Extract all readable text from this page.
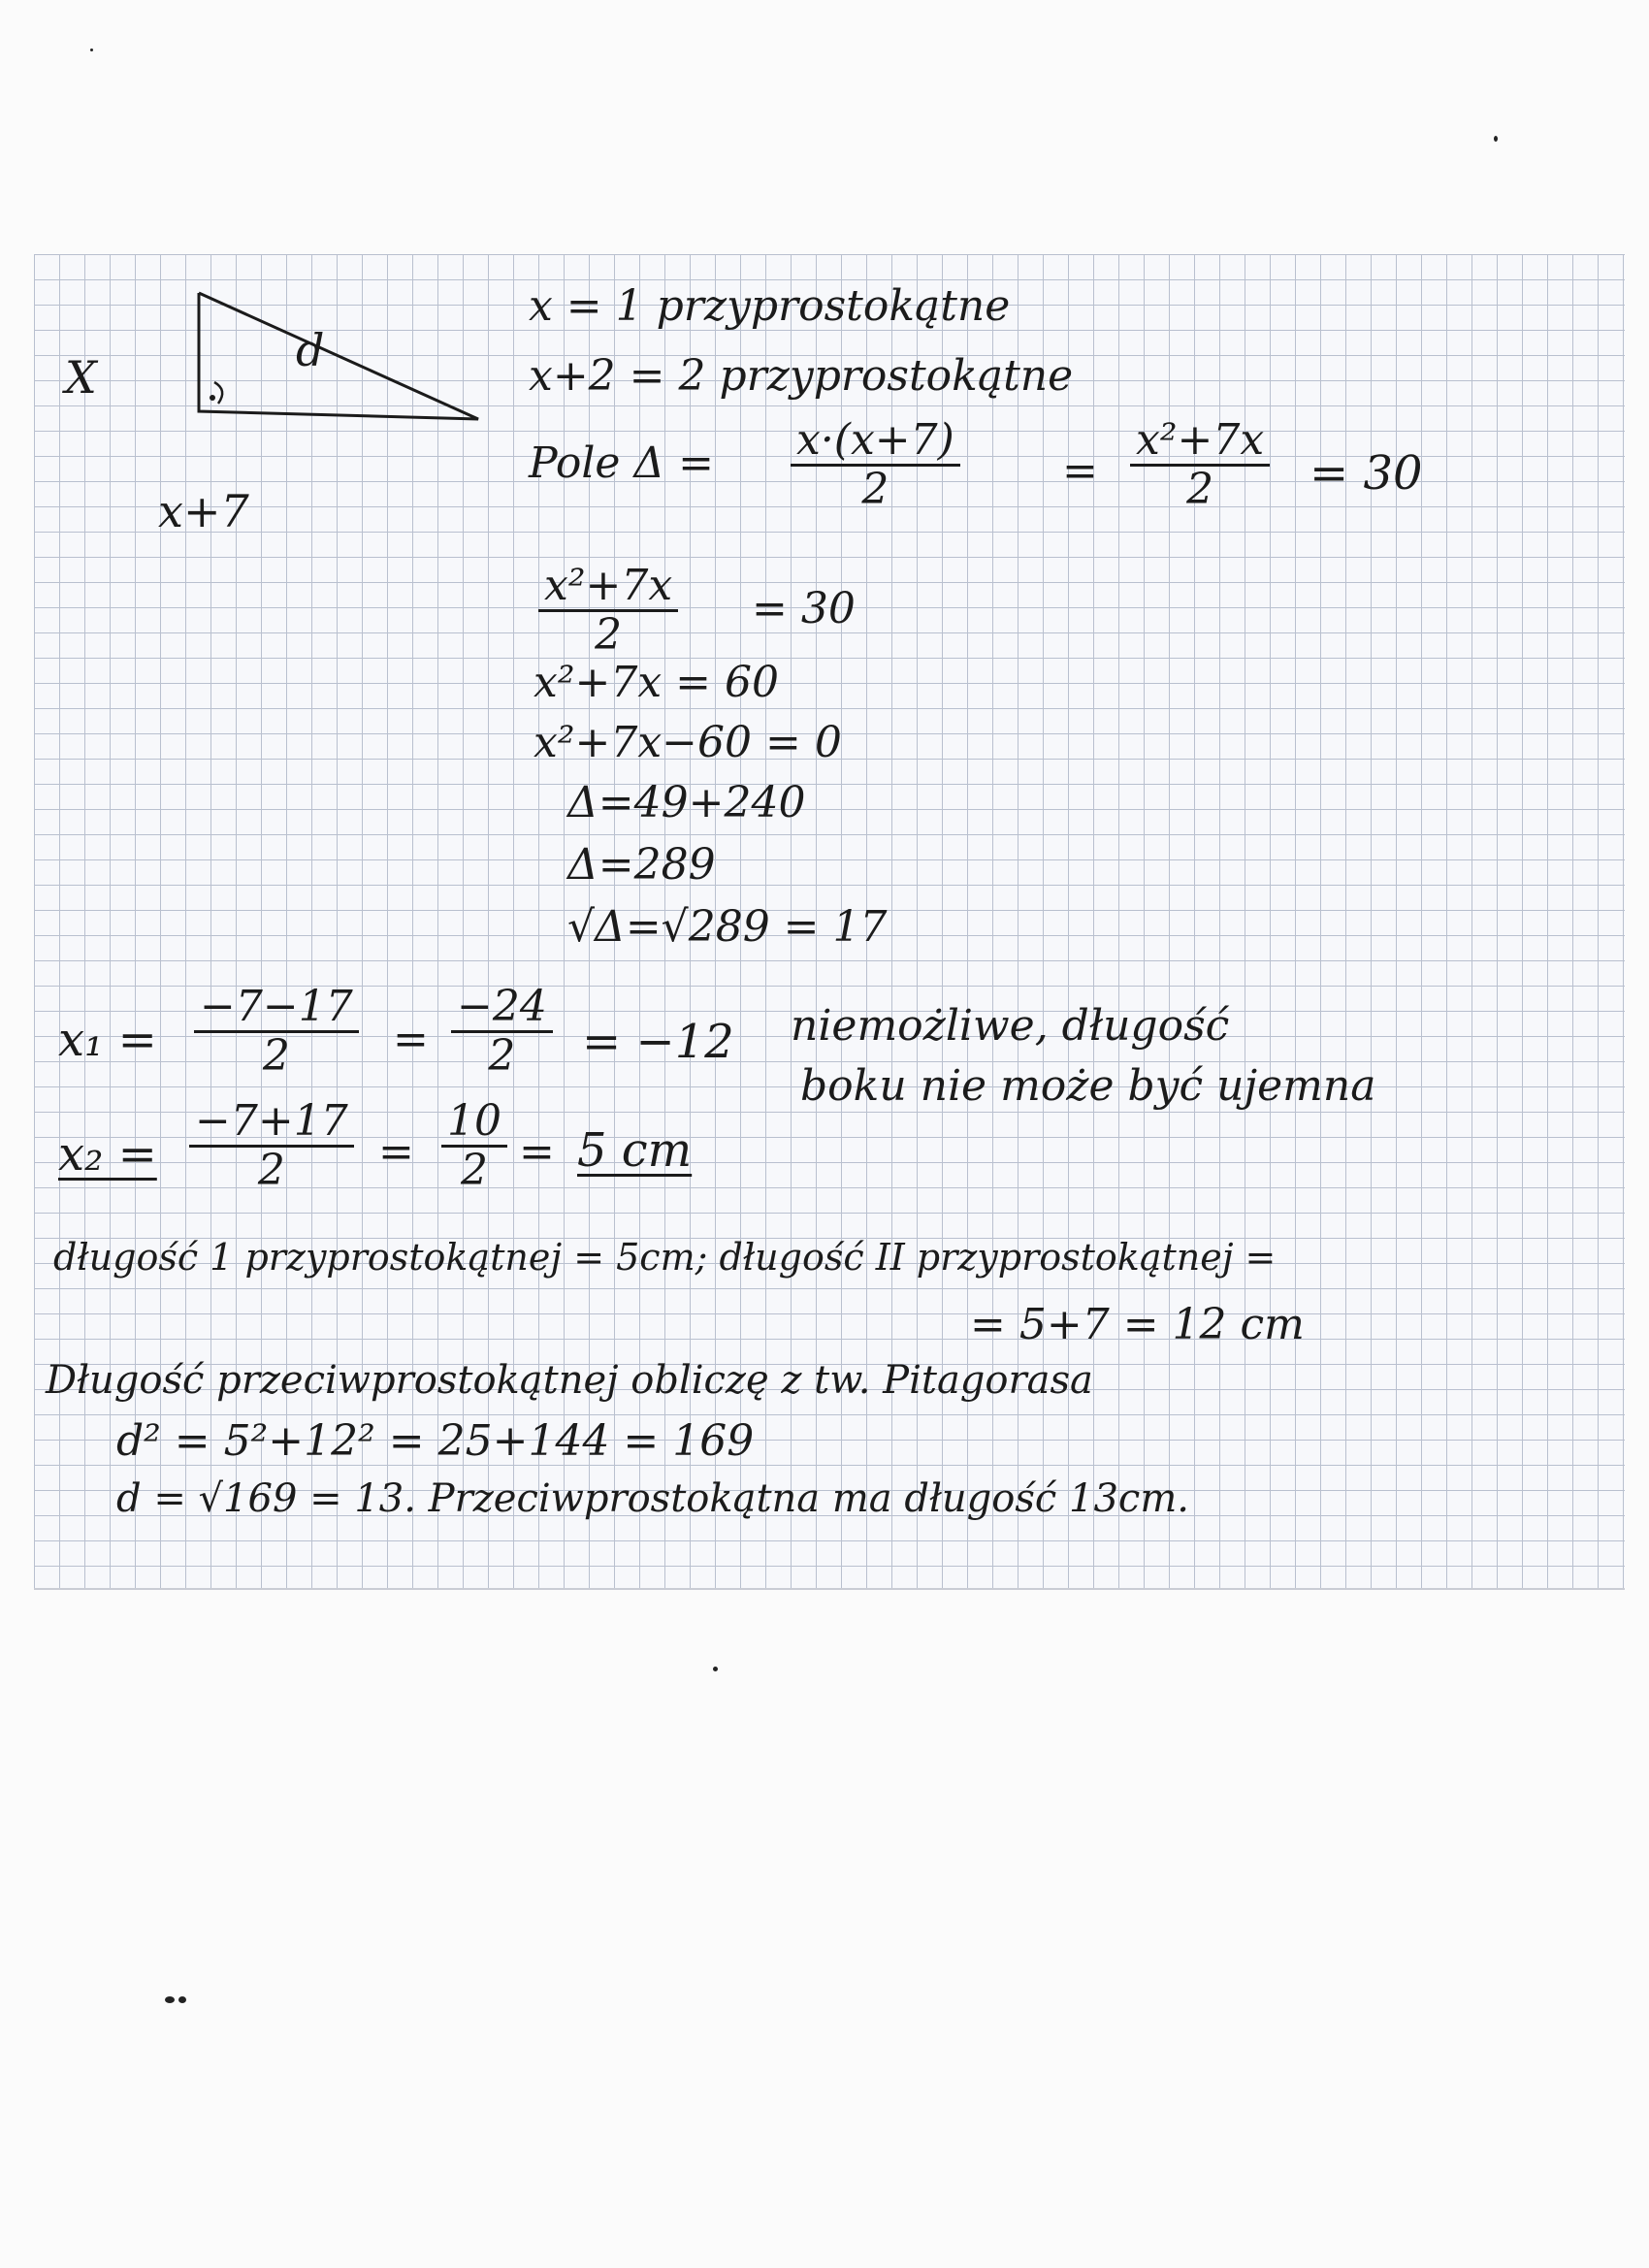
X
d
x+7
x = 1 przyprostokątne
x+2 = 2 przyprostokątne
Pole $\Delta = \frac{x\cdot(x+7)}{2} = \frac{\text{x²+7x}}{2} = 30$
$\frac{\text{x²+7x}}{2} = 30$
x²+7x = 60
x²+7x−60 = 0
Δ=49+240
Δ=289
√Δ=√289 = 17
$x_1 = \frac{-7-17}{2} = \frac{-24}{2} = -12$ niemożliwe, długość
boku nie może być ujemna
$x_2 = \frac{-7+17}{2} = \frac{10}{2} = 5$ cm
długość 1 przyprostokątnej = 5cm; długość II przyprostokątnej =
= 5+7 = 12 cm
Długość przeciwprostokątnej obliczę z tw. Pitagorasa
d² = 5²+12² = 25+144 = 169
d = √169 = 13. Przeciwprostokątna ma długość 13cm.
